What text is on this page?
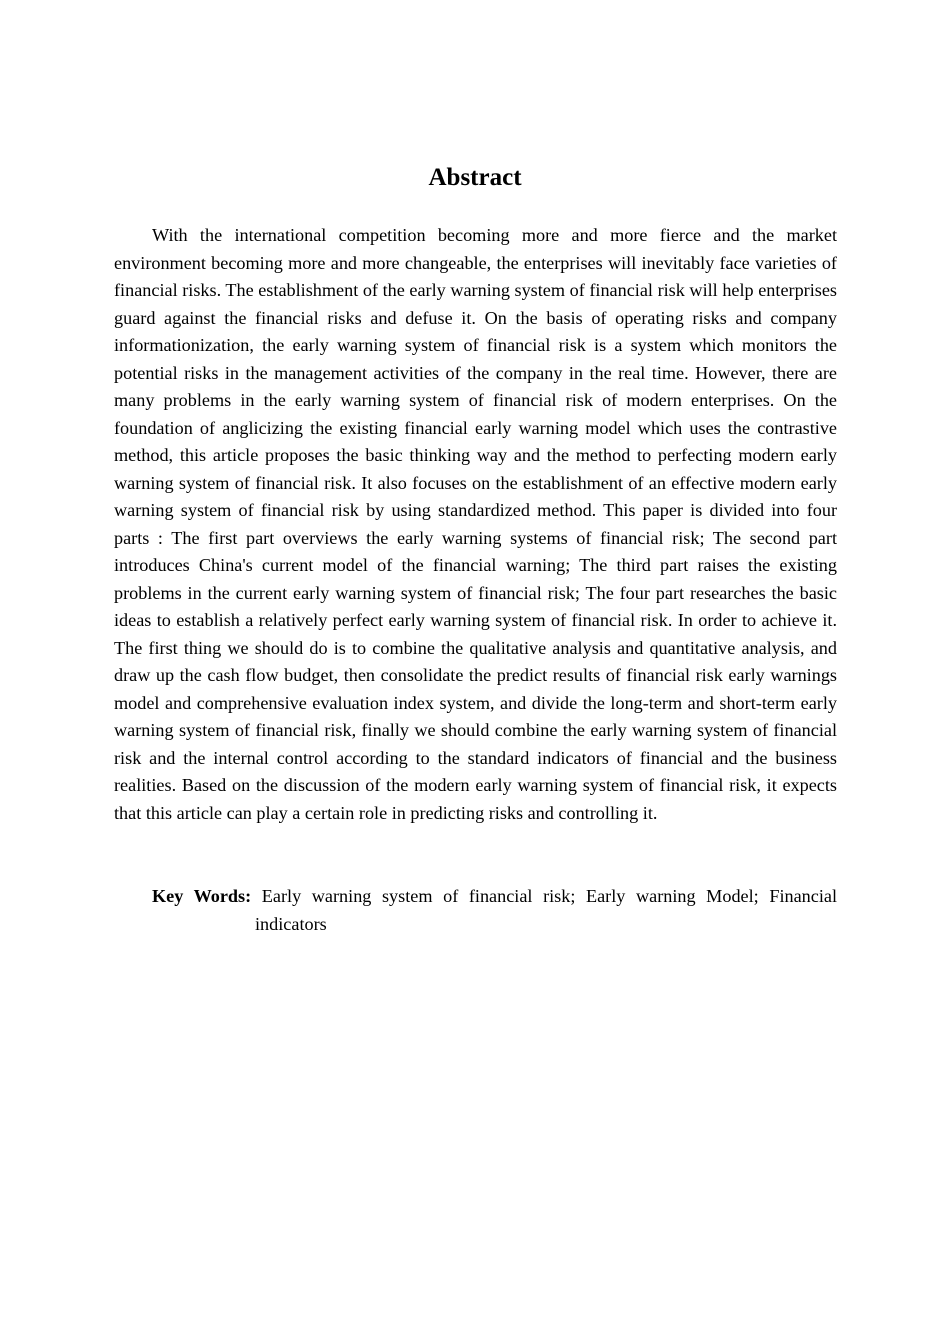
Abstract

With the international competition becoming more and more fierce and the market environment becoming more and more changeable, the enterprises will inevitably face varieties of financial risks. The establishment of the early warning system of financial risk will help enterprises guard against the financial risks and defuse it. On the basis of operating risks and company informationization, the early warning system of financial risk is a system which monitors the potential risks in the management activities of the company in the real time. However, there are many problems in the early warning system of financial risk of modern enterprises. On the foundation of anglicizing the existing financial early warning model which uses the contrastive method, this article proposes the basic thinking way and the method to perfecting modern early warning system of financial risk. It also focuses on the establishment of an effective modern early warning system of financial risk by using standardized method. This paper is divided into four parts : The first part overviews the early warning systems of financial risk; The second part introduces China's current model of the financial warning; The third part raises the existing problems in the current early warning system of financial risk; The four part researches the basic ideas to establish a relatively perfect early warning system of financial risk. In order to achieve it. The first thing we should do is to combine the qualitative analysis and quantitative analysis, and draw up the cash flow budget, then consolidate the predict results of financial risk early warnings model and comprehensive evaluation index system, and divide the long-term and short-term early warning system of financial risk, finally we should combine the early warning system of financial risk and the internal control according to the standard indicators of financial and the business realities. Based on the discussion of the modern early warning system of financial risk, it expects that this article can play a certain role in predicting risks and controlling it.

Key Words: Early warning system of financial risk; Early warning Model; Financial indicators
